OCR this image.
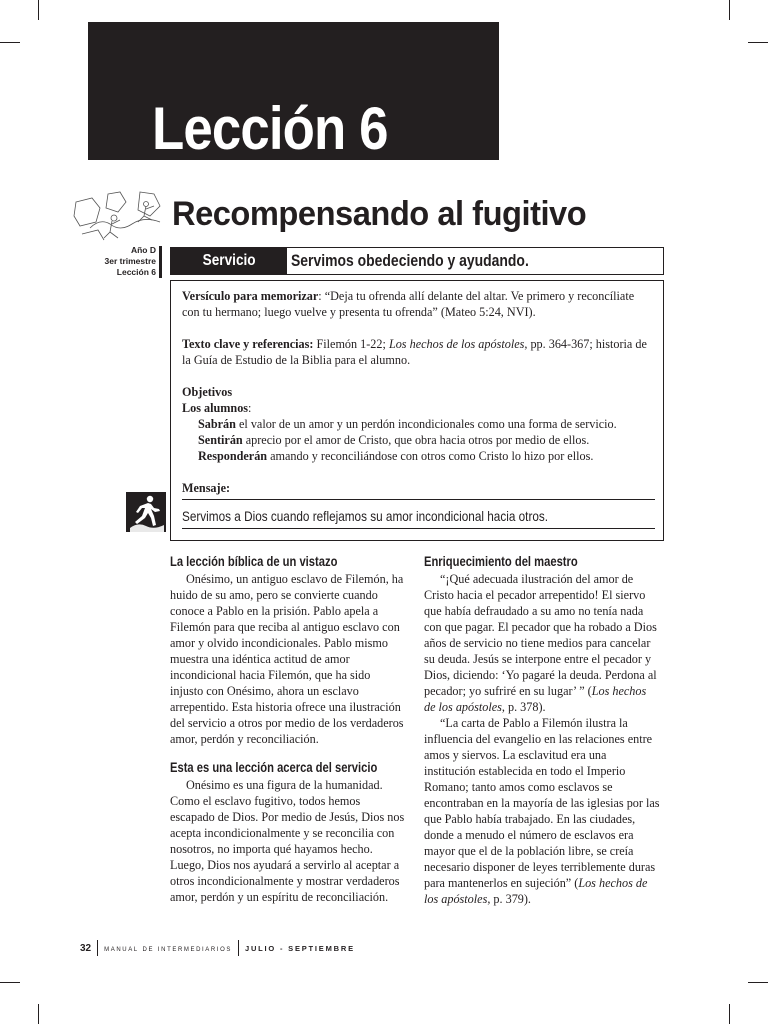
Lección 6
Recompensando al fugitivo
Año D
3er trimestre
Lección 6
Servicio	Servimos obedeciendo y ayudando.

Versículo para memorizar: “Deja tu ofrenda allí delante del altar. Ve primero y reconcíliate con tu hermano; luego vuelve y presenta tu ofrenda” (Mateo 5:24, NVI).

Texto clave y referencias: Filemón 1-22; Los hechos de los apóstoles, pp. 364-367; historia de la Guía de Estudio de la Biblia para el alumno.

Objetivos

Los alumnos:

Sabrán el valor de un amor y un perdón incondicionales como una forma de servicio.

Sentirán aprecio por el amor de Cristo, que obra hacia otros por medio de ellos.

Responderán amando y reconciliándose con otros como Cristo lo hizo por ellos.

Mensaje:

Servimos a Dios cuando reflejamos su amor incondicional hacia otros.
La lección bíblica de un vistazo

Onésimo, un antiguo esclavo de Filemón, ha huido de su amo, pero se convierte cuando conoce a Pablo en la prisión. Pablo apela a Filemón para que reciba al antiguo esclavo con amor y olvido incondicionales. Pablo mismo muestra una idéntica actitud de amor incondicional hacia Filemón, que ha sido injusto con Onésimo, ahora un esclavo arrepentido. Esta historia ofrece una ilustración del servicio a otros por medio de los verdaderos amor, perdón y reconciliación.

Esta es una lección acerca del servicio

Onésimo es una figura de la humanidad. Como el esclavo fugitivo, todos hemos escapado de Dios. Por medio de Jesús, Dios nos acepta incondicionalmente y se reconcilia con nosotros, no importa qué hayamos hecho. Luego, Dios nos ayudará a servirlo al aceptar a otros incondicionalmente y mostrar verdaderos amor, perdón y un espíritu de reconciliación.

Enriquecimiento del maestro

“¡Qué adecuada ilustración del amor de Cristo hacia el pecador arrepentido! El siervo que había defraudado a su amo no tenía nada con que pagar. El pecador que ha robado a Dios años de servicio no tiene medios para cancelar su deuda. Jesús se interpone entre el pecador y Dios, diciendo: ‘Yo pagaré la deuda. Perdona al pecador; yo sufriré en su lugar’ ” (Los hechos de los apóstoles, p. 378).

“La carta de Pablo a Filemón ilustra la influencia del evangelio en las relaciones entre amos y siervos. La esclavitud era una institución establecida en todo el Imperio Romano; tanto amos como esclavos se encontraban en la mayoría de las iglesias por las que Pablo había trabajado. En las ciudades, donde a menudo el número de esclavos era mayor que el de la población libre, se creía necesario disponer de leyes terriblemente duras para mantenerlos en sujeción” (Los hechos de los apóstoles, p. 379).

32 manual de intermediarios JULIO - SEPTIEMBRE
